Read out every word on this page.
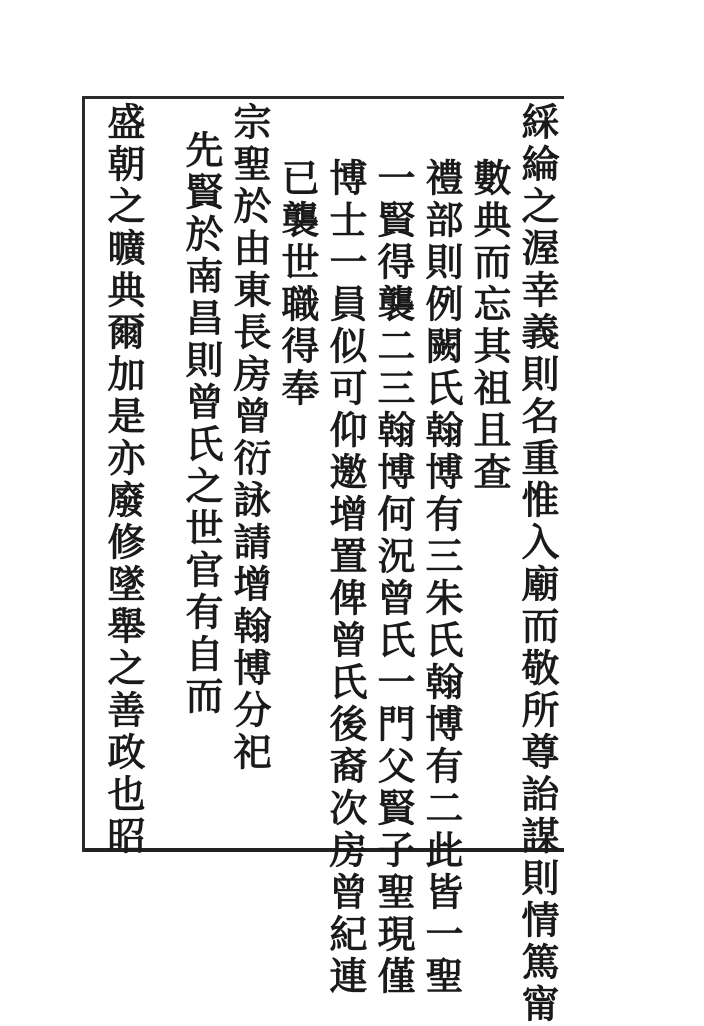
綵綸之渥幸義則名重惟入廟而敬所尊詒謀則情篤甯
數典而忘其祖且查
禮部則例闕氏翰博有三朱氏翰博有二此皆一聖
一賢得襲二三翰博何況曾氏一門父賢子聖現僅
博士一員似可仰邀增置俾曾氏後裔次房曾紀連
已襲世職得奉
宗聖於由東長房曾衍詠請增翰博分祀
先賢於南昌則曾氏之世官有自而
盛朝之曠典爾加是亦廢修墜舉之善政也昭
